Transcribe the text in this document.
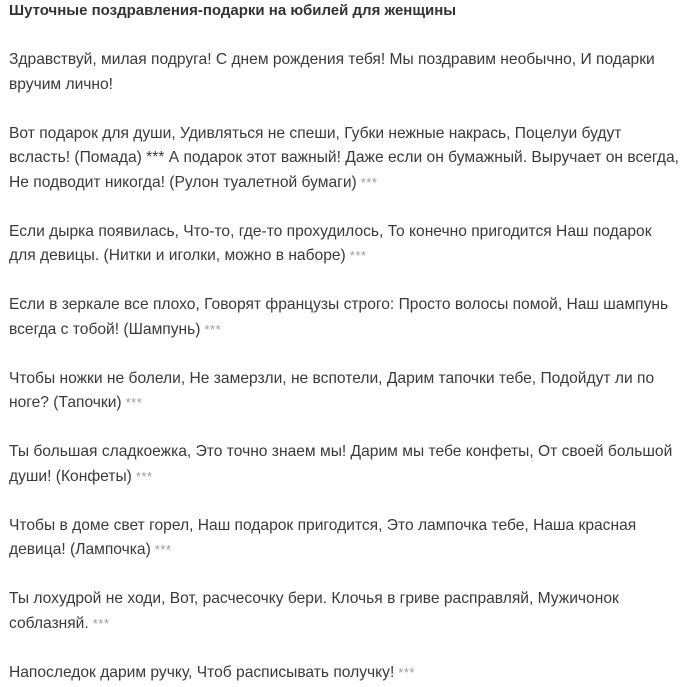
Шуточные поздравления-подарки на юбилей для женщины

Здравствуй, милая подруга! С днем рождения тебя! Мы поздравим необычно, И подарки вручим лично!

Вот подарок для души, Удивляться не спеши, Губки нежные накрась, Поцелуи будут всласть! (Помада) *** А подарок этот важный! Даже если он бумажный. Выручает он всегда, Не подводит никогда! (Рулон туалетной бумаги) ***

Если дырка появилась, Что-то, где-то прохудилось, То конечно пригодится Наш подарок для девицы. (Нитки и иголки, можно в наборе) ***

Если в зеркале все плохо, Говорят французы строго: Просто волосы помой, Наш шампунь всегда с тобой! (Шампунь) ***

Чтобы ножки не болели, Не замерзли, не вспотели, Дарим тапочки тебе, Подойдут ли по ноге? (Тапочки) ***

Ты большая сладкоежка, Это точно знаем мы! Дарим мы тебе конфеты, От своей большой души! (Конфеты) ***

Чтобы в доме свет горел, Наш подарок пригодится, Это лампочка тебе, Наша красная девица! (Лампочка) ***

Ты лохудрой не ходи, Вот, расчесочку бери. Клочья в гриве расправляй, Мужичонок соблазняй. ***

Напоследок дарим ручку, Чтоб расписывать получку! ***
